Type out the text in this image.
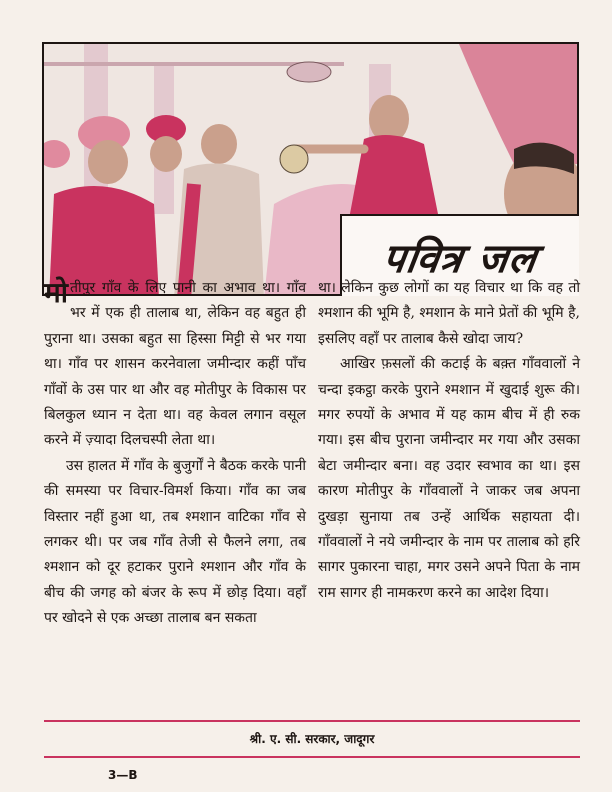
पवित्र जल

मोतीपुर गाँव के लिए पानी का अभाव था। गाँव भर में एक ही तालाब था, लेकिन वह बहुत ही पुराना था। उसका बहुत सा हिस्सा मिट्टी से भर गया था। गाँव पर शासन करनेवाला जमीन्दार कहीं पाँच गाँवों के उस पार था और वह मोतीपुर के विकास पर बिलकुल ध्यान न देता था। वह केवल लगान वसूल करने में ज़्यादा दिलचस्पी लेता था।

उस हालत में गाँव के बुजुर्गों ने बैठक करके पानी की समस्या पर विचार-विमर्श किया। गाँव का जब विस्तार नहीं हुआ था, तब श्मशान वाटिका गाँव से लगकर थी। पर जब गाँव तेजी से फैलने लगा, तब श्मशान को दूर हटाकर पुराने श्मशान और गाँव के बीच की जगह को बंजर के रूप में छोड़ दिया। वहाँ पर खोदने से एक अच्छा तालाब बन सकता

था। लेकिन कुछ लोगों का यह विचार था कि वह तो श्मशान की भूमि है, श्मशान के माने प्रेतों की भूमि है, इसलिए वहाँ पर तालाब कैसे खोदा जाय?

आखिर फ़सलों की कटाई के बक़्त गाँववालों ने चन्दा इकट्ठा करके पुराने श्मशान में खुदाई शुरू की। मगर रुपयों के अभाव में यह काम बीच में ही रुक गया। इस बीच पुराना जमीन्दार मर गया और उसका बेटा जमीन्दार बना। वह उदार स्वभाव का था। इस कारण मोतीपुर के गाँववालों ने जाकर जब अपना दुखड़ा सुनाया तब उन्हें आर्थिक सहायता दी। गाँववालों ने नये जमीन्दार के नाम पर तालाब को हरि सागर पुकारना चाहा, मगर उसने अपने पिता के नाम राम सागर ही नामकरण करने का आदेश दिया।

श्री. ए. सी. सरकार, जादूगर
3—B
